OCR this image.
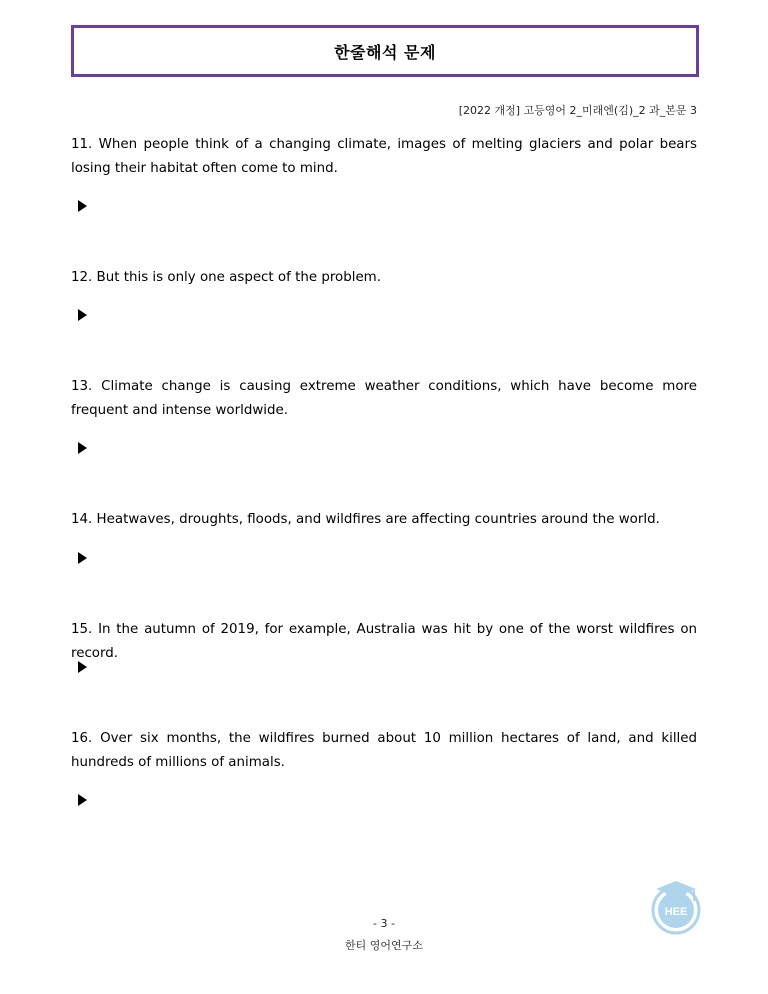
한줄해석 문제
[2022 개정] 고등영어 2_미래엔(김)_2 과_본문 3
11. When people think of a changing climate, images of melting glaciers and polar bears losing their habitat often come to mind.
12. But this is only one aspect of the problem.
13. Climate change is causing extreme weather conditions, which have become more frequent and intense worldwide.
14. Heatwaves, droughts, floods, and wildfires are affecting countries around the world.
15. In the autumn of 2019, for example, Australia was hit by one of the worst wildfires on record.
16. Over six months, the wildfires burned about 10 million hectares of land, and killed hundreds of millions of animals.
- 3 -
한티 영어연구소
HEE
